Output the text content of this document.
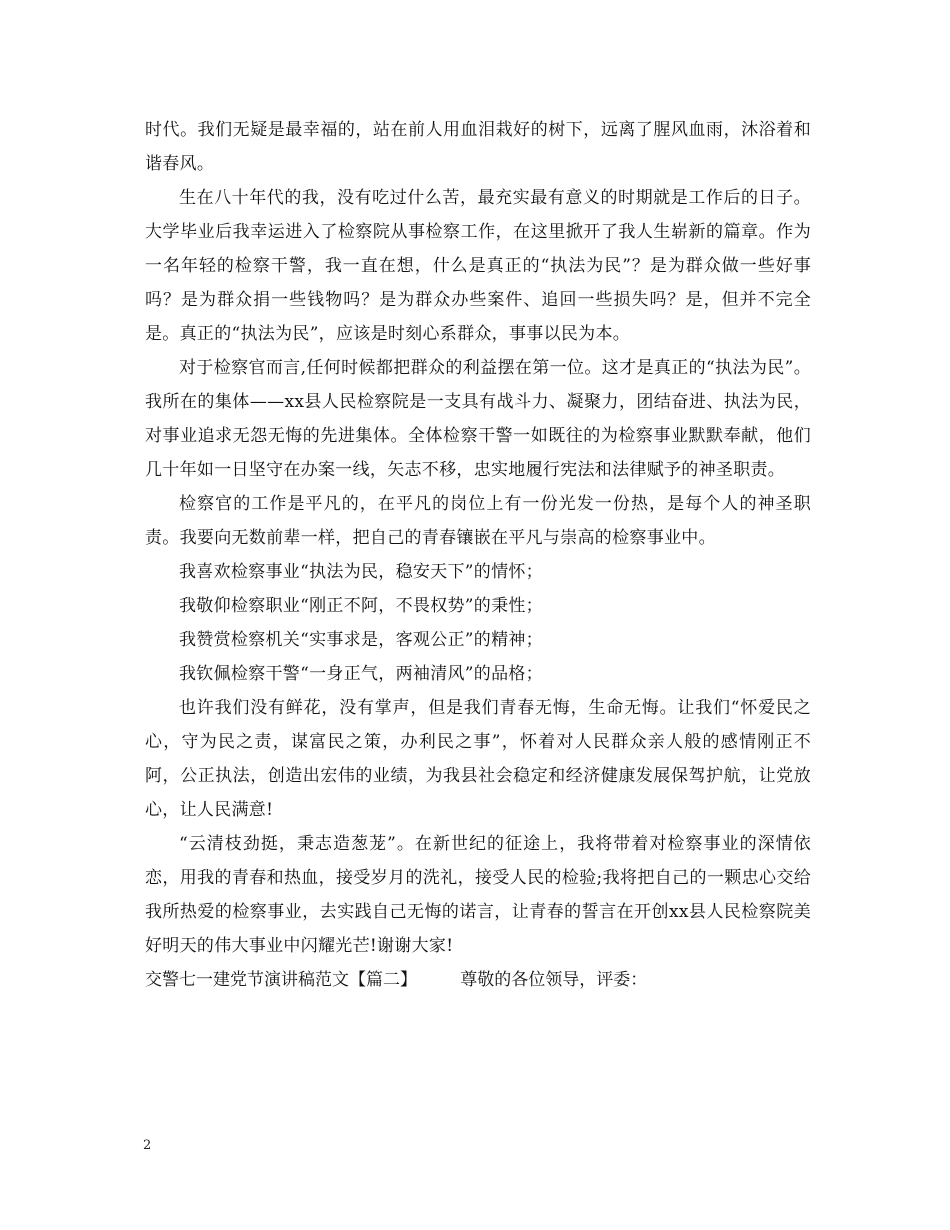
时代。我们无疑是最幸福的，站在前人用血泪栽好的树下，远离了腥风血雨，沐浴着和谐春风。

生在八十年代的我，没有吃过什么苦，最充实最有意义的时期就是工作后的日子。大学毕业后我幸运进入了检察院从事检察工作，在这里掀开了我人生崭新的篇章。作为一名年轻的检察干警，我一直在想，什么是真正的“执法为民”？是为群众做一些好事吗？是为群众捐一些钱物吗？是为群众办些案件、追回一些损失吗？是，但并不完全是。真正的“执法为民”，应该是时刻心系群众，事事以民为本。

对于检察官而言,任何时候都把群众的利益摆在第一位。这才是真正的“执法为民”。我所在的集体——xx县人民检察院是一支具有战斗力、凝聚力，团结奋进、执法为民，对事业追求无怨无悔的先进集体。全体检察干警一如既往的为检察事业默默奉献，他们几十年如一日坚守在办案一线，矢志不移，忠实地履行宪法和法律赋予的神圣职责。

检察官的工作是平凡的，在平凡的岗位上有一份光发一份热，是每个人的神圣职责。我要向无数前辈一样，把自己的青春镶嵌在平凡与崇高的检察事业中。

我喜欢检察事业“执法为民，稳安天下”的情怀；

我敬仰检察职业“刚正不阿，不畏权势”的秉性；

我赞赏检察机关“实事求是，客观公正”的精神；

我钦佩检察干警“一身正气，两袖清风”的品格；

也许我们没有鲜花，没有掌声，但是我们青春无悔，生命无悔。让我们“怀爱民之心，守为民之责，谋富民之策，办利民之事”，怀着对人民群众亲人般的感情刚正不阿，公正执法，创造出宏伟的业绩，为我县社会稳定和经济健康发展保驾护航，让党放心，让人民满意!

“云清枝劲挺，秉志造葱茏”。在新世纪的征途上，我将带着对检察事业的深情依恋，用我的青春和热血，接受岁月的洗礼，接受人民的检验;我将把自己的一颗忠心交给我所热爱的检察事业，去实践自己无悔的诺言，让青春的誓言在开创xx县人民检察院美好明天的伟大事业中闪耀光芒!谢谢大家!

交警七一建党节演讲稿范文【篇二】	尊敬的各位领导，评委：

2
